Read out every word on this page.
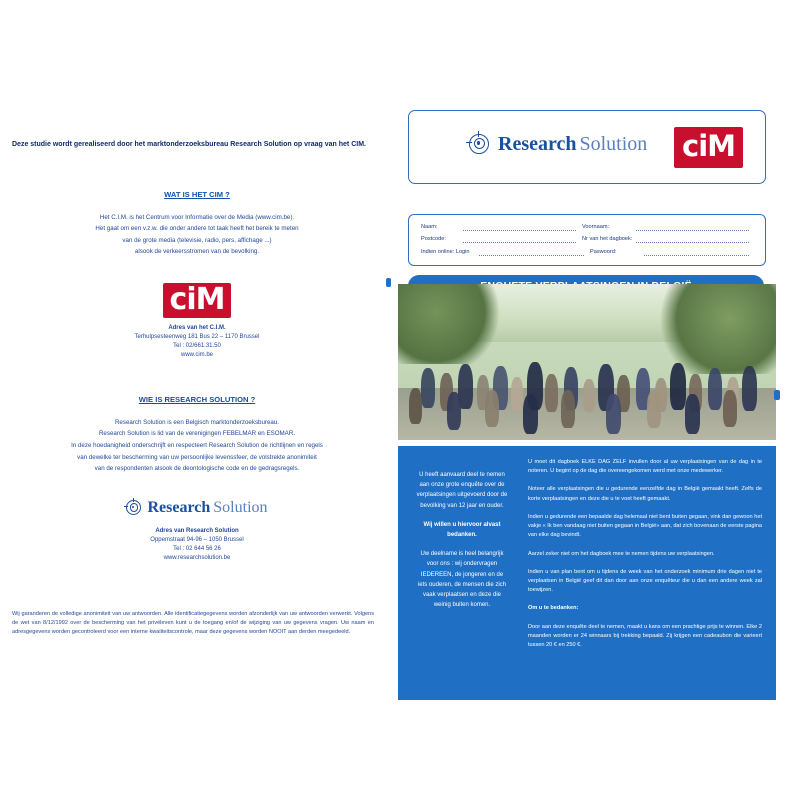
Deze studie wordt gerealiseerd door het marktonderzoeksbureau Research Solution op vraag van het CIM.

WAT IS HET CIM ?

Het C.I.M. is het Centrum voor Informatie over de Media (www.cim.be).

Het gaat om een v.z.w. die onder andere tot taak heeft het bereik te meten

van de grote media (televisie, radio, pers, affichage ...)

alsook de verkeersstromen van de bevolking.

ciM
Adres van het C.I.M.
Terhulpsesteenweg 181 Bus 22 – 1170 Brussel
Tel : 02/661.31.50
www.cim.be
WIE IS RESEARCH SOLUTION ?

Research Solution is een Belgisch marktonderzoeksbureau.

Research Solution is lid van de verenigingen FEBELMAR en ESOMAR.

In deze hoedanigheid onderschrijft en respecteert Research Solution de richtlijnen en regels

van dewelke ter bescherming van uw persoonlijke levenssfeer, de volstrekte anonimiteit

van de respondenten alsook de deontologische code en de gedragsregels.

Research Solution
Adres van Research Solution
Oppemstraat 94-96 – 1050 Brussel
Tel : 02 644 56 26
www.researchsolution.be
Wij garanderen de volledige anonimiteit van uw antwoorden. Alle identificatiegegevens worden afzonderlijk van uw antwoorden verwerkt. Volgens de wet van 8/12/1992 over de bescherming van het privéleven kunt u de toegang en/of de wijziging van uw gegevens vragen. Uw naam en adresgegevens worden gecontroleerd voor een interne kwaliteitscontrole, maar deze gegevens worden NOOIT aan derden meegedeeld.
Research Solution ciM
Naam:	Voornaam:
Postcode:	Nr van het dagboek:
Indien online: Login	Paswoord:

U heeft aanvaard deel te nemen aan onze grote enquête over de verplaatsingen uitgevoerd door de bevolking van 12 jaar en ouder.

Wij willen u hiervoor alvast bedanken.

Uw deelname is heel belangrijk voor ons : wij ondervragen IEDEREEN, de jongeren en de iets ouderen, de mensen die zich vaak verplaatsen en deze die weinig buiten komen.

U moet dit dagboek ELKE DAG ZELF invullen door al uw verplaatsingen van de dag in te noteren. U begint op de dag die overeengekomen werd met onze medewerker.

Noteer alle verplaatsingen die u gedurende eenzelfde dag in België gemaakt heeft. Zelfs de korte verplaatsingen en deze die u te voet heeft gemaakt.

Indien u gedurende een bepaalde dag helemaal niet bent buiten gegaan, vink dan gewoon het vakje « Ik ben vandaag niet buiten gegaan in België» aan, dat zich bovenaan de eerste pagina van elke dag bevindt.

Aarzel zeker niet om het dagboek mee te nemen tijdens uw verplaatsingen.

Indien u van plan bent om u tijdens de week van het onderzoek minimum drie dagen niet te verplaatsen in België geef dit dan door aan onze enquêteur die u dan een andere week zal toewijzen.

Om u te bedanken:

Door aan deze enquête deel te nemen, maakt u kans om een prachtige prijs te winnen. Elke 2 maanden worden er 24 winnaars bij trekking bepaald. Zij krijgen een cadeaubon die varieert tussen 20 € en 250 €.
